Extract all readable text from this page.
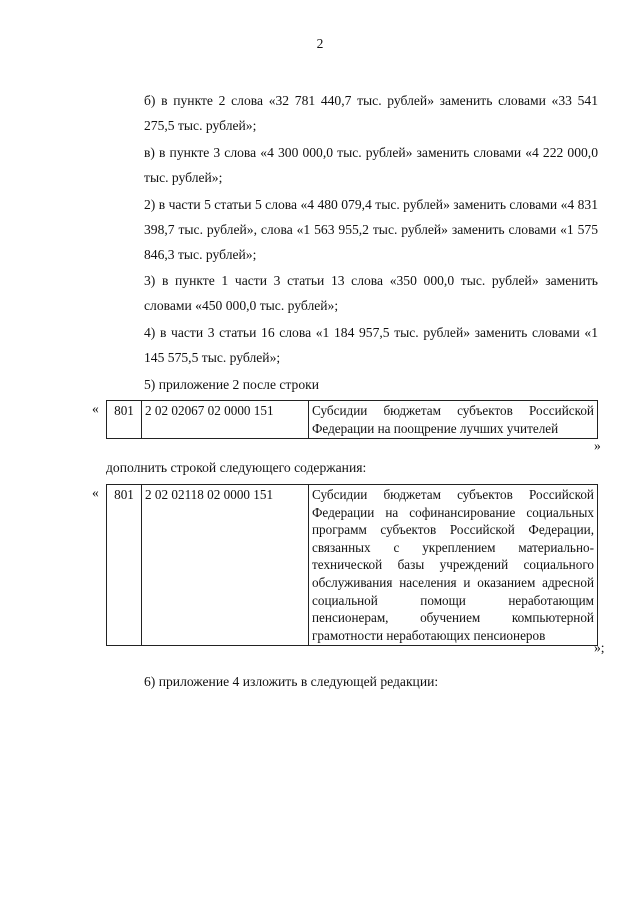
2
б) в пункте 2 слова «32 781 440,7 тыс. рублей» заменить словами «33 541 275,5 тыс. рублей»;
в) в пункте 3 слова «4 300 000,0 тыс. рублей» заменить словами «4 222 000,0 тыс. рублей»;
2) в части 5 статьи 5 слова «4 480 079,4 тыс. рублей» заменить словами «4 831 398,7 тыс. рублей», слова «1 563 955,2 тыс. рублей» заменить словами «1 575 846,3 тыс. рублей»;
3) в пункте 1 части 3 статьи 13 слова «350 000,0 тыс. рублей» заменить словами «450 000,0 тыс. рублей»;
4) в части 3 статьи 16 слова «1 184 957,5 тыс. рублей» заменить словами «1 145 575,5 тыс. рублей»;
5) приложение 2 после строки
« 801	2 02 02067 02 0000 151	Субсидии бюджетам субъектов Российской Федерации на поощрение лучших учителей
»
дополнить строкой следующего содержания:
« 801	2 02 02118 02 0000 151	Субсидии бюджетам субъектов Российской Федерации на софинансирование социальных программ субъектов Российской Федерации, связанных с укреплением материально-технической базы учреждений социального обслуживания населения и оказанием адресной социальной помощи неработающим пенсионерам, обучением компьютерной грамотности неработающих пенсионеров
»;
6) приложение 4 изложить в следующей редакции:
